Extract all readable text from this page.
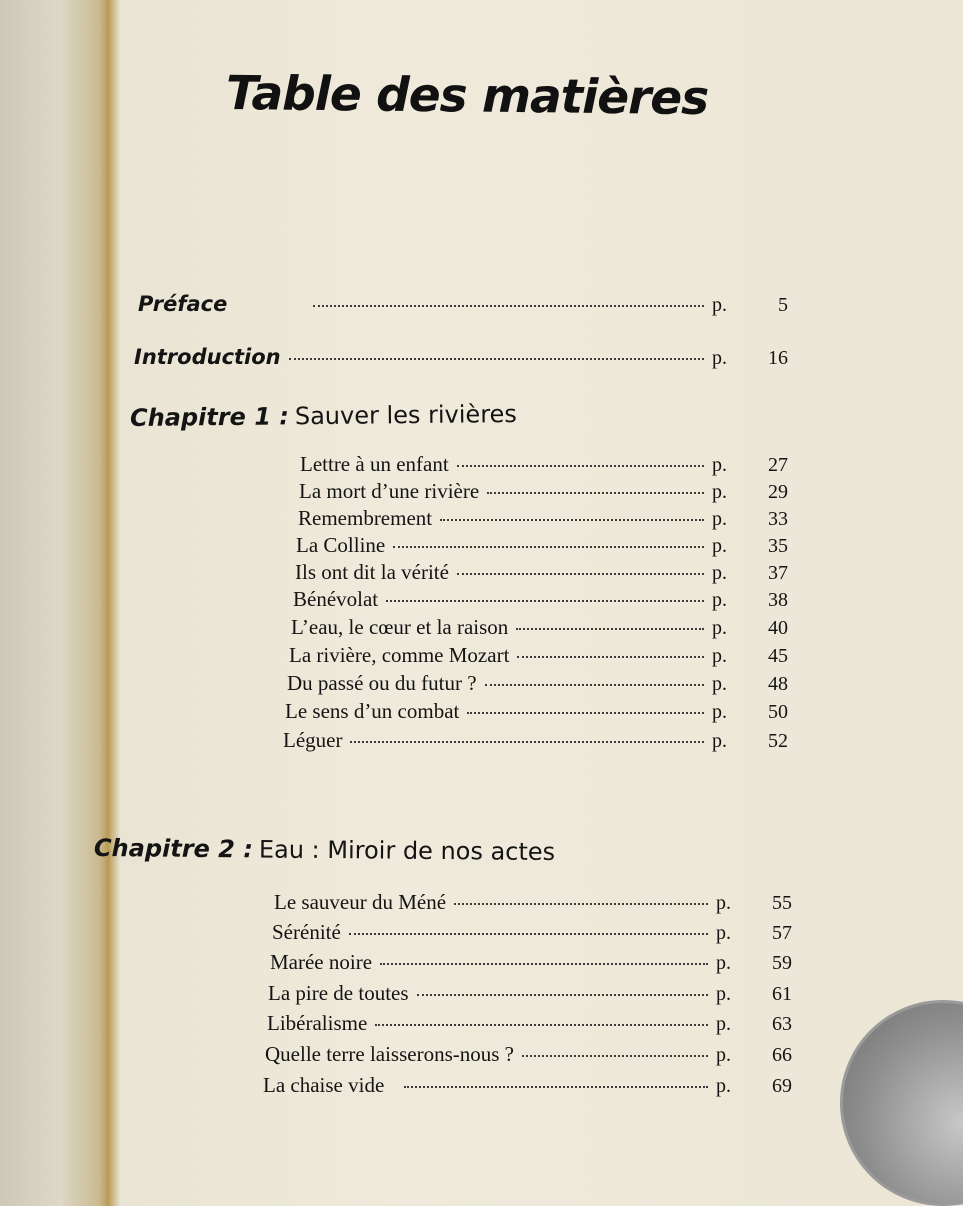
Table des matières
Préface	p.	5
Introduction	p.	16
Chapitre 1 : Sauver les rivières
Lettre à un enfant	p.	27
La mort d’une rivière	p.	29
Remembrement	p.	33
La Colline	p.	35
Ils ont dit la vérité	p.	37
Bénévolat	p.	38
L’eau, le cœur et la raison	p.	40
La rivière, comme Mozart	p.	45
Du passé ou du futur ?	p.	48
Le sens d’un combat	p.	50
Léguer	p.	52
Chapitre 2 : Eau : Miroir de nos actes
Le sauveur du Méné	p.	55
Sérénité	p.	57
Marée noire	p.	59
La pire de toutes	p.	61
Libéralisme	p.	63
Quelle terre laisserons-nous ?	p.	66
La chaise vide	p.	69
